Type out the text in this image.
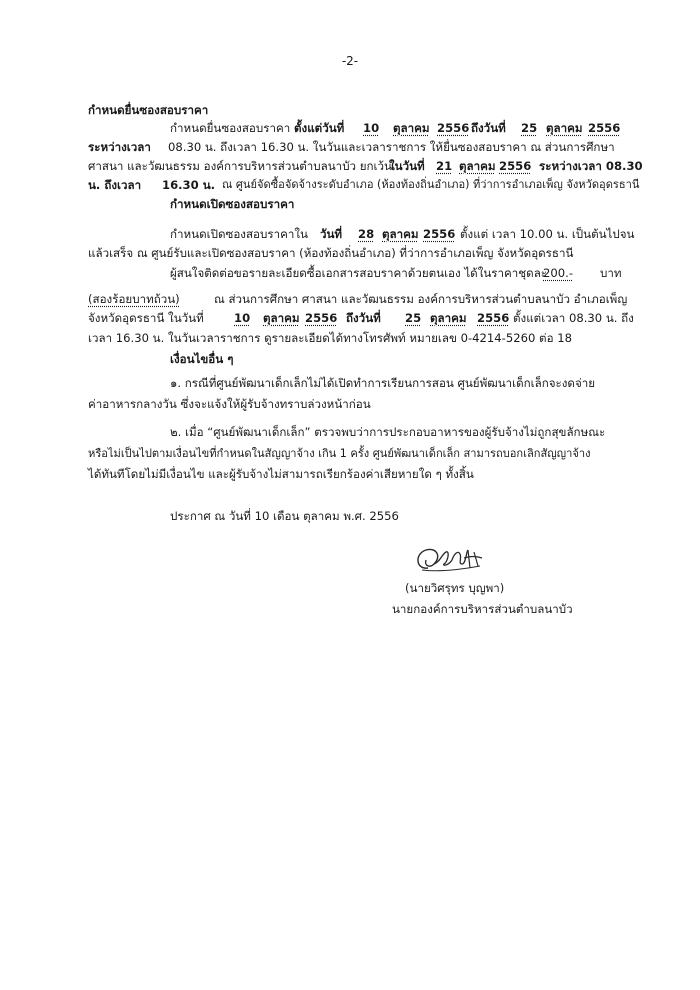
-2-
กำหนดยื่นซองสอบราคา
กำหนดยื่นซองสอบราคา ตั้งแต่วันที่ 10 ตุลาคม 2556 ถึงวันที่ 25 ตุลาคม 2556
ระหว่างเวลา 08.30 น. ถึงเวลา 16.30 น. ในวันและเวลาราชการ ให้ยื่นซองสอบราคา ณ ส่วนการศึกษา
ศาสนา และวัฒนธรรม องค์การบริหารส่วนตำบลนาบัว ยกเว้น
ในวันที่ 21 ตุลาคม 2556 ระหว่างเวลา 08.30
น. ถึงเวลา 16.30 น. ณ ศูนย์จัดซื้อจัดจ้างระดับอำเภอ (ห้องท้องถิ่นอำเภอ) ที่ว่าการอำเภอเพ็ญ จังหวัดอุดรธานี
กำหนดเปิดซองสอบราคา
กำหนดเปิดซองสอบราคาใน วันที่ 28 ตุลาคม 2556 ตั้งแต่ เวลา 10.00 น. เป็นต้นไปจน
แล้วเสร็จ ณ ศูนย์รับและเปิดซองสอบราคา (ห้องท้องถิ่นอำเภอ) ที่ว่าการอำเภอเพ็ญ จังหวัดอุดรธานี
ผู้สนใจติดต่อขอรายละเอียดซื้อเอกสารสอบราคาด้วยตนเอง ได้ในราคาชุดละ
200.- บาท
(สองร้อยบาทถ้วน)	ณ ส่วนการศึกษา ศาสนา และวัฒนธรรม องค์การบริหารส่วนตำบลนาบัว อำเภอเพ็ญ
จังหวัดอุดรธานี ในวันที่	10 ตุลาคม 2556 ถึงวันที่ 25 ตุลาคม 2556 ตั้งแต่เวลา 08.30 น. ถึง
เวลา 16.30 น. ในวันเวลาราชการ ดูรายละเอียดได้ทางโทรศัพท์ หมายเลข 0-4214-5260 ต่อ 18
เงื่อนไขอื่น ๆ
๑. กรณีที่ศูนย์พัฒนาเด็กเล็กไม่ได้เปิดทำการเรียนการสอน ศูนย์พัฒนาเด็กเล็กจะงดจ่าย
ค่าอาหารกลางวัน ซึ่งจะแจ้งให้ผู้รับจ้างทราบล่วงหน้าก่อน
๒. เมื่อ “ศูนย์พัฒนาเด็กเล็ก” ตรวจพบว่าการประกอบอาหารของผู้รับจ้างไม่ถูกสุขลักษณะ
หรือไม่เป็นไปตามเงื่อนไขที่กำหนดในสัญญาจ้าง เกิน 1 ครั้ง ศูนย์พัฒนาเด็กเล็ก สามารถบอกเลิกสัญญาจ้าง
ได้ทันทีโดยไม่มีเงื่อนไข และผู้รับจ้างไม่สามารถเรียกร้องค่าเสียหายใด ๆ ทั้งสิ้น
ประกาศ ณ วันที่ 10 เดือน ตุลาคม พ.ศ. 2556
(นายวิศรุทร บุญพา)
นายกองค์การบริหารส่วนตำบลนาบัว
